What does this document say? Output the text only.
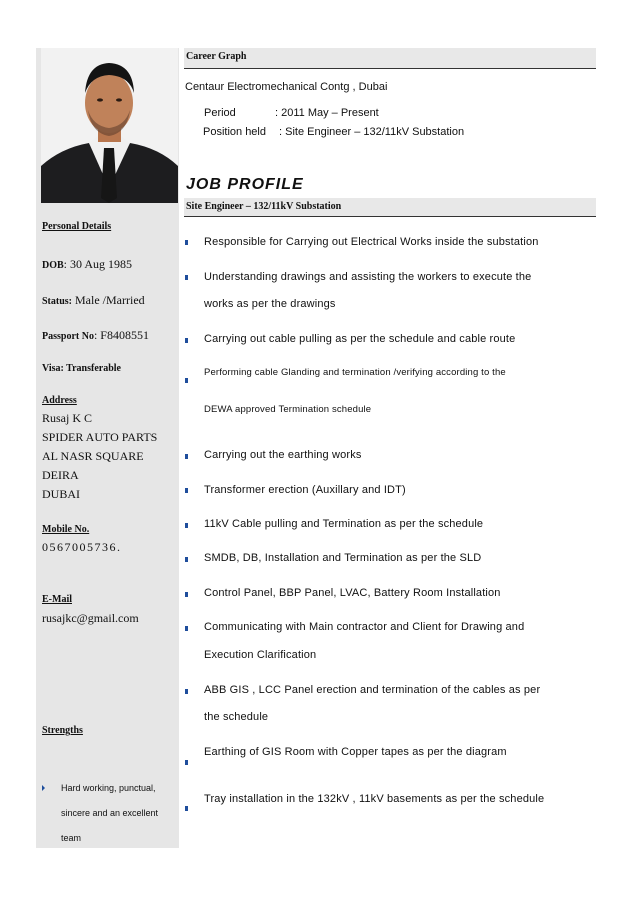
Personal Details
DOB: 30 Aug 1985
Status: Male /Married
Passport No: F8408551
Visa: Transferable
Address
Rusaj K C
SPIDER AUTO PARTS
AL NASR SQUARE
DEIRA
DUBAI
Mobile No.
0567005736.
E-Mail
rusajkc@gmail.com
Strengths
Hard working, punctual,
sincere and an excellent
team
Career Graph
Centaur Electromechanical Contg , Dubai
Period	: 2011 May – Present
Position held : Site Engineer – 132/11kV Substation
JOB PROFILE
Site Engineer – 132/11kV Substation
Responsible for Carrying out Electrical Works inside the substation
Understanding drawings and assisting the workers to execute the
works as per the drawings
Carrying out cable pulling as per the schedule and cable route
Performing cable Glanding and termination /verifying according to the
DEWA approved Termination schedule
Carrying out the earthing works
Transformer erection (Auxillary and IDT)
11kV Cable pulling and Termination as per the schedule
SMDB, DB, Installation and Termination as per the SLD
Control Panel, BBP Panel, LVAC, Battery Room Installation
Communicating with Main contractor and Client for Drawing and
Execution Clarification
ABB GIS , LCC Panel erection and termination of the cables as per
the schedule
Earthing of GIS Room with Copper tapes as per the diagram
Tray installation in the 132kV , 11kV basements as per the schedule
